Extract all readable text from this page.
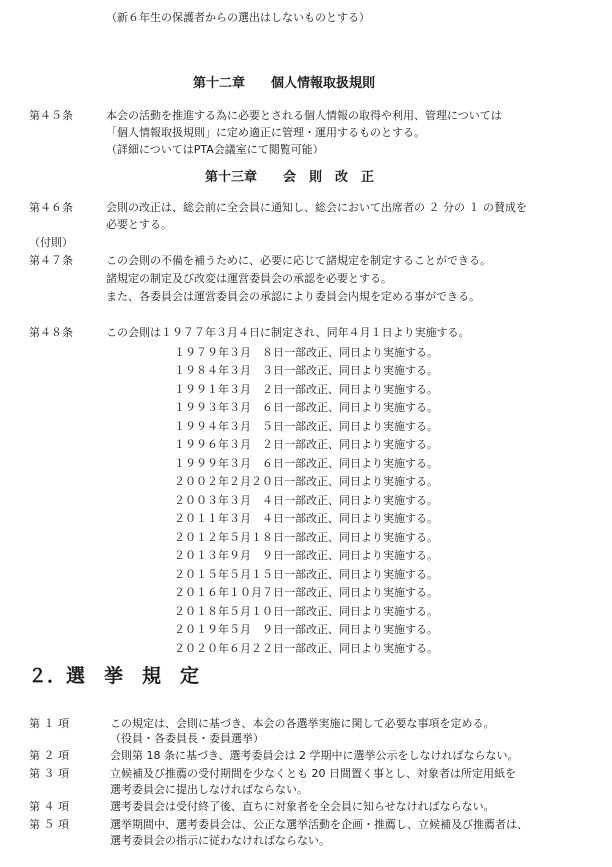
（新６年生の保護者からの選出はしないものとする）
第十二章　　個人情報取扱規則
第４５条	本会の活動を推進する為に必要とされる個人情報の取得や利用、管理については
「個人情報取扱規則」に定め適正に管理・運用するものとする。
（詳細についてはPTA会議室にて閲覧可能）
第十三章　　会　則　改　正
第４６条	会則の改正は、総会前に全会員に通知し、総会において出席者の ２ 分の １ の賛成を
必要とする。
（付則）
第４７条	この会則の不備を補うために、必要に応じて諸規定を制定することができる。
諸規定の制定及び改変は運営委員会の承認を必要とする。
また、各委員会は運営委員会の承認により委員会内規を定める事ができる。
第４８条	この会則は１９７７年３月４日に制定され、同年４月１日より実施する。
１９７９年３月　８日一部改正、同日より実施する。
１９８４年３月　３日一部改正、同日より実施する。
１９９１年３月　２日一部改正、同日より実施する。
１９９３年３月　６日一部改正、同日より実施する。
１９９４年３月　５日一部改正、同日より実施する。
１９９６年３月　２日一部改正、同日より実施する。
１９９９年３月　６日一部改正、同日より実施する。
２００２年２月２０日一部改正、同日より実施する。
２００３年３月　４日一部改正、同日より実施する。
２０１１年３月　４日一部改正、同日より実施する。
２０１２年５月１８日一部改正、同日より実施する。
２０１３年９月　９日一部改正、同日より実施する。
２０１５年５月１５日一部改正、同日より実施する。
２０１６年１０月７日一部改正、同日より実施する。
２０１８年５月１０日一部改正、同日より実施する。
２０１９年５月　９日一部改正、同日より実施する。
２０２０年６月２２日一部改正、同日より実施する。
２．選　挙　規　定
第 １ 項	この規定は、会則に基づき、本会の各選挙実施に関して必要な事項を定める。
（役員・各委員長・委員選挙）
第 ２ 項	会則第 18 条に基づき、選考委員会は 2 学期中に選挙公示をしなければならない。
第 ３ 項	立候補及び推薦の受付期間を少なくとも 20 日間置く事とし、対象者は所定用紙を
選考委員会に提出しなければならない。
第 ４ 項	選考委員会は受付終了後、直ちに対象者を全会員に知らせなければならない。
第 ５ 項	選挙期間中、選考委員会は、公正な選挙活動を企画・推薦し、立候補及び推薦者は、
選考委員会の指示に従わなければならない。
